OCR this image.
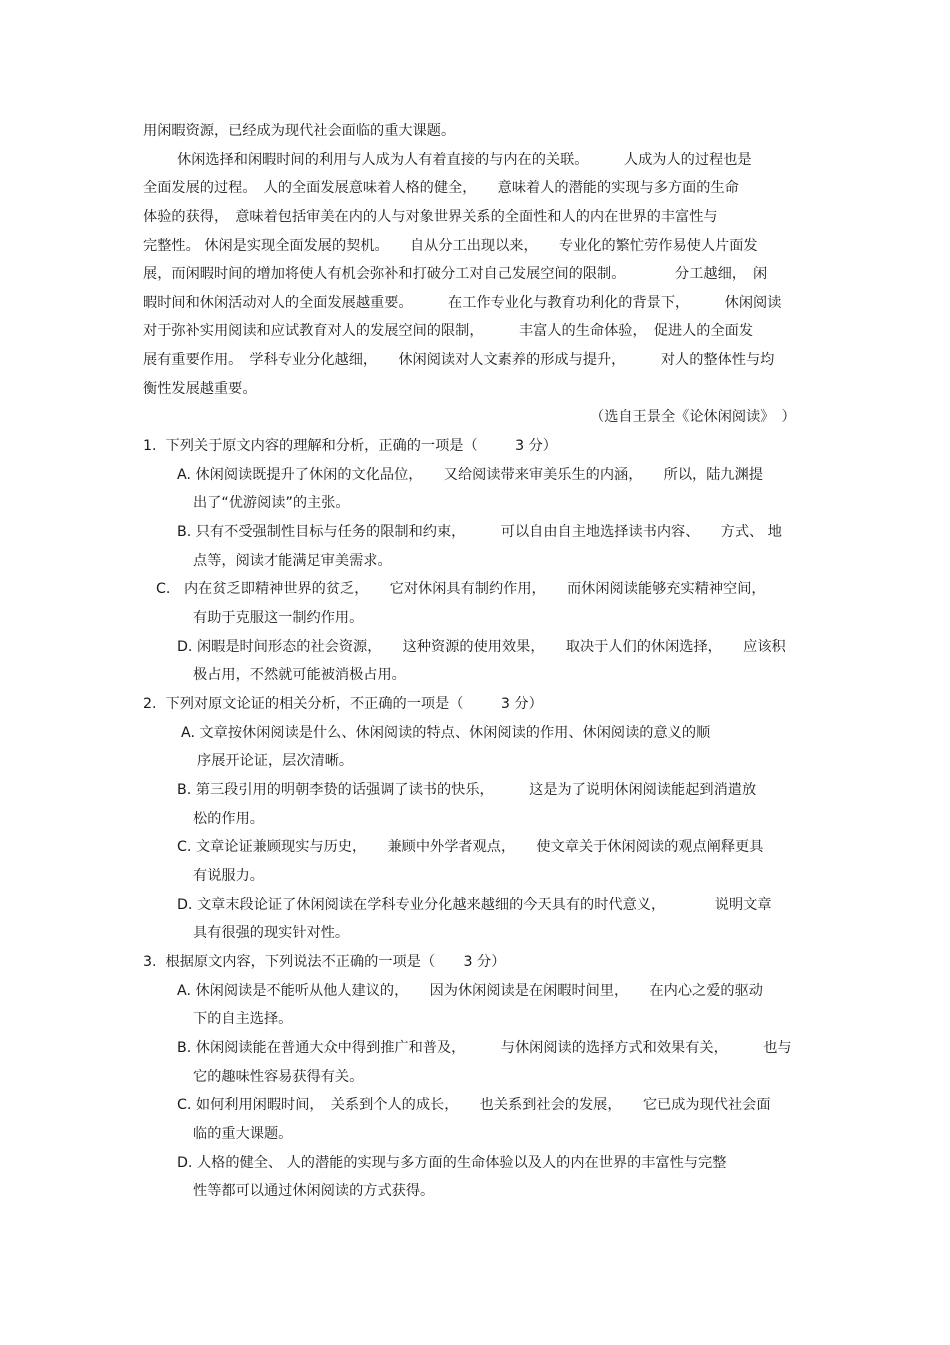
用闲暇资源，已经成为现代社会面临的重大课题。
休闲选择和闲暇时间的利用与人成为人有着直接的与内在的关联。　　　人成为人的过程也是
全面发展的过程。　人的全面发展意味着人格的健全，　　意味着人的潜能的实现与多方面的生命
体验的获得，　意味着包括审美在内的人与对象世界关系的全面性和人的内在世界的丰富性与
完整性。 休闲是实现全面发展的契机。　　自从分工出现以来，　　专业化的繁忙劳作易使人片面发
展，而闲暇时间的增加将使人有机会弥补和打破分工对自己发展空间的限制。　　　　分工越细，　闲
暇时间和休闲活动对人的全面发展越重要。　　　在工作专业化与教育功利化的背景下，　　　休闲阅读
对于弥补实用阅读和应试教育对人的发展空间的限制，　　　丰富人的生命体验，　促进人的全面发
展有重要作用。　学科专业分化越细，　　休闲阅读对人文素养的形成与提升，　　　对人的整体性与均
衡性发展越重要。
（选自王景全《论休闲阅读》　）
1.  下列关于原文内容的理解和分析，正确的一项是（　　  3 分）
A. 休闲阅读既提升了休闲的文化品位，　　又给阅读带来审美乐生的内涵，　　所以，陆九渊提
出了“优游阅读”的主张。
B. 只有不受强制性目标与任务的限制和约束，　　　可以自由自主地选择读书内容、　　方式、 地
点等，阅读才能满足审美需求。
C.   内在贫乏即精神世界的贫乏，　　它对休闲具有制约作用，　　而休闲阅读能够充实精神空间，
有助于克服这一制约作用。
D. 闲暇是时间形态的社会资源，　　这种资源的使用效果，　　取决于人们的休闲选择，　　应该积
极占用，不然就可能被消极占用。
2.  下列对原文论证的相关分析，不正确的一项是（　　  3 分）
A. 文章按休闲阅读是什么、休闲阅读的特点、休闲阅读的作用、休闲阅读的意义的顺
序展开论证，层次清晰。
B. 第三段引用的明朝李贽的话强调了读书的快乐，　　　这是为了说明休闲阅读能起到消遣放
松的作用。
C. 文章论证兼顾现实与历史，　　兼顾中外学者观点，　　使文章关于休闲阅读的观点阐释更具
有说服力。
D. 文章末段论证了休闲阅读在学科专业分化越来越细的今天具有的时代意义，　　　　说明文章
具有很强的现实针对性。
3.  根据原文内容，下列说法不正确的一项是（　　3 分）
A. 休闲阅读是不能听从他人建议的，　　因为休闲阅读是在闲暇时间里，　　在内心之爱的驱动
下的自主选择。
B. 休闲阅读能在普通大众中得到推广和普及，　　　与休闲阅读的选择方式和效果有关，　　　也与
它的趣味性容易获得有关。
C. 如何利用闲暇时间，　关系到个人的成长，　　也关系到社会的发展，　　它已成为现代社会面
临的重大课题。
D. 人格的健全、 人的潜能的实现与多方面的生命体验以及人的内在世界的丰富性与完整
性等都可以通过休闲阅读的方式获得。
